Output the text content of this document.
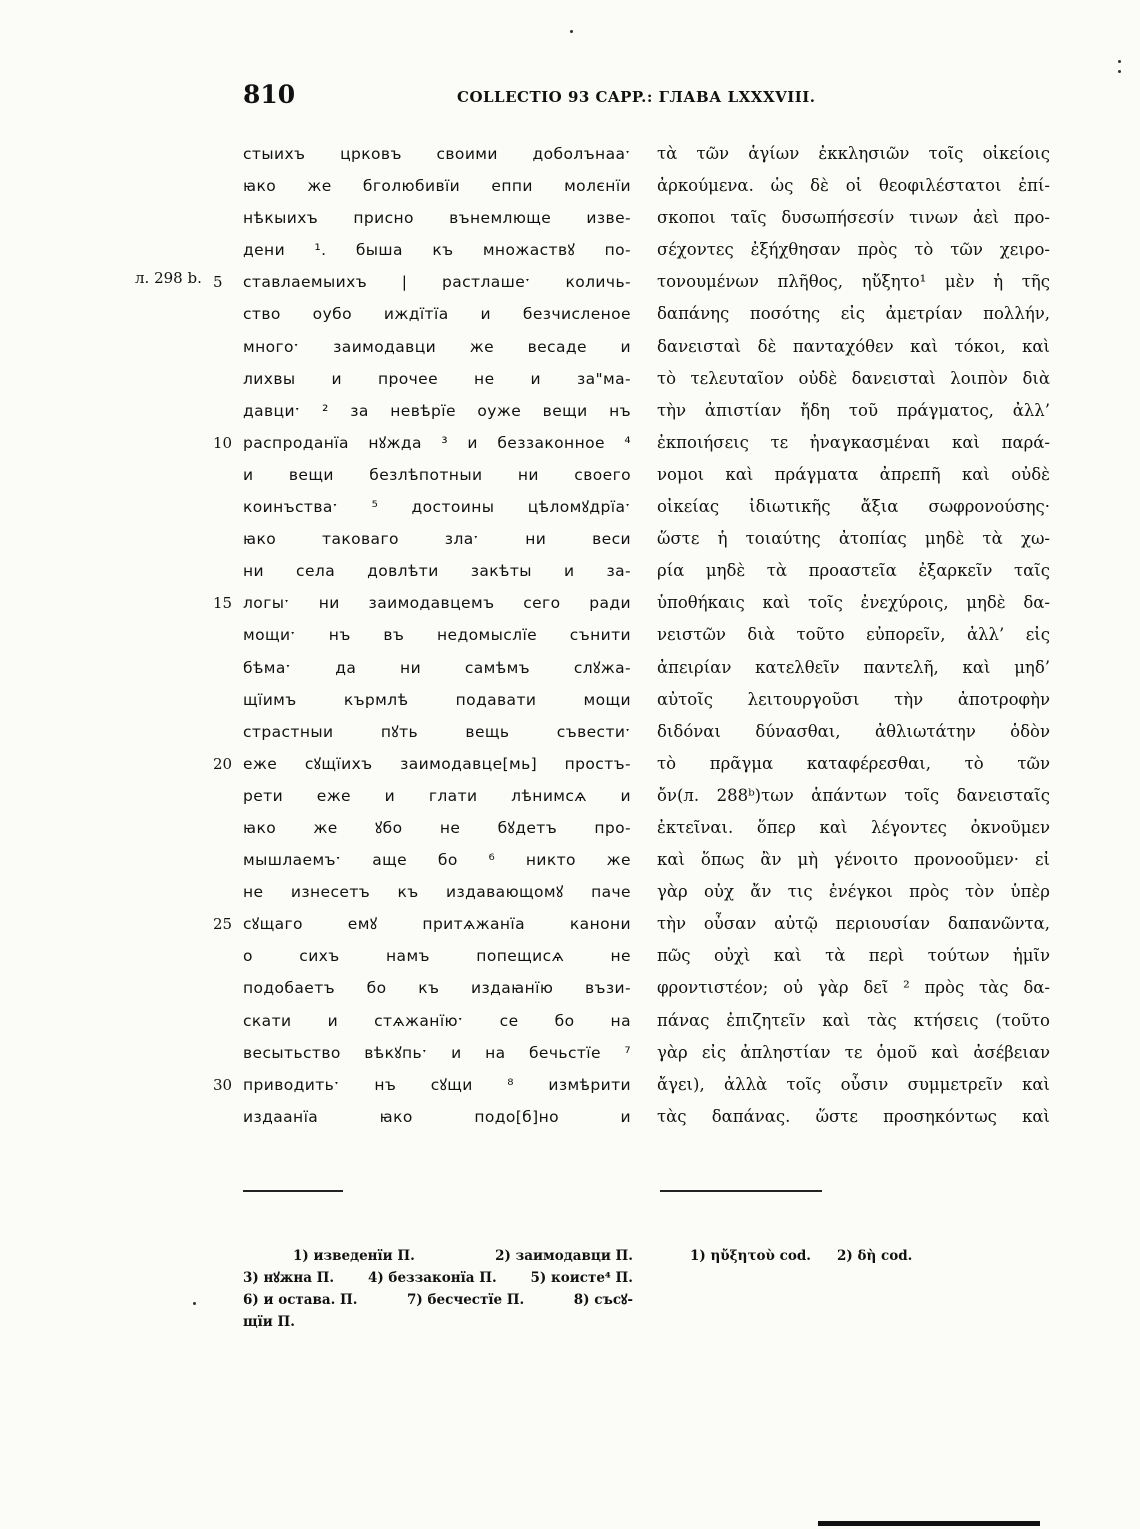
810	COLLECTIO 93 CAPP.: ГЛАВА LXXXVIII.
л. 298 b.
стыихъ црковъ своими доболънааˑ
ꙗко же бголюбивїи еппи молєнїи
нѣкыихъ присно вънемлюще изве-
дени ¹. быша къ множаствꙋ по-
5	ставлаемыихъ | растлашеˑ количь-
ство оубо иждїтїа и безчисленое
многоˑ заимодавци же весаде и
лихвы и прочее не и за"ма-
давциˑ ² за невѣрїе оуже вещи нъ
10 распроданїа нꙋжда ³ и беззаконное ⁴
и вещи безлѣпотныи ни своего
коинъстваˑ ⁵ достоины цѣломꙋдрїаˑ
ꙗко таковаго злаˑ ни веси
ни села довлѣти закѣты и за-
15 логыˑ ни заимодавцемъ сего ради
мощиˑ нъ въ недомыслїе сънити
бѣмаˑ да ни самѣмъ слꙋжа-
щїимъ кърмлѣ подавати мощи
страстныи пꙋть вещь съвестиˑ
20 еже сꙋщїихъ заимодавце[мь] простъ-
рети еже и глати лѣнимсѧ и
ꙗко же ꙋбо не бꙋдетъ про-
мышлаемъˑ аще бо ⁶ никто же
не изнесетъ къ издавающомꙋ паче
25 сꙋщаго емꙋ притѧжанїа канони
о сихъ намъ попещисѧ не
подобаетъ бо къ издаꙗнїю възи-
скати и стѧжанїюˑ се бо на
весытьство вѣкꙋпьˑ и на бечьстїе ⁷
30 приводитьˑ нъ сꙋщи ⁸ измѣрити
издаанїа ꙗко подо[б]но и
τὰ τῶν ἁγίων ἐκκλησιῶν τοῖς οἰκείοις
ἀρκούμενα. ὡς δὲ οἱ θεοφιλέστατοι ἐπί-
σκοποι ταῖς δυσωπήσεσίν τινων ἀεὶ προ-
σέχοντες ἐξήχθησαν πρὸς τὸ τῶν χειρο-
τονουμένων πλῆθος, ηὔξητο¹ μὲν ἡ τῆς
δαπάνης ποσότης εἰς ἀμετρίαν πολλήν,
δανεισταὶ δὲ πανταχόθεν καὶ τόκοι, καὶ
τὸ τελευταῖον οὐδὲ δανεισταὶ λοιπὸν διὰ
τὴν ἀπιστίαν ἤδη τοῦ πράγματος, ἀλλ’
ἐκποιήσεις τε ἠναγκασμέναι καὶ παρά-
νομοι καὶ πράγματα ἀπρεπῆ καὶ οὐδὲ
οἰκείας ἰδιωτικῆς ἄξια σωφρονούσης·
ὥστε ἡ τοιαύτης ἀτοπίας μηδὲ τὰ χω-
ρία μηδὲ τὰ προαστεῖα ἐξαρκεῖν ταῖς
ὑποθήκαις καὶ τοῖς ἐνεχύροις, μηδὲ δα-
νειστῶν διὰ τοῦτο εὐπορεῖν, ἀλλ’ εἰς
ἀπειρίαν κατελθεῖν παντελῆ, καὶ μηδ’
αὐτοῖς λειτουργοῦσι τὴν ἀποτροφὴν
διδόναι δύνασθαι, ἀθλιωτάτην ὁδὸν
τὸ πρᾶγμα καταφέρεσθαι, τὸ τῶν
ὄν(л. 288ᵇ)των ἁπάντων τοῖς δανεισταῖς
ἐκτεῖναι. ὅπερ καὶ λέγοντες ὀκνοῦμεν
καὶ ὅπως ἂν μὴ γένοιτο προνοοῦμεν· εἰ
γὰρ οὐχ ἄν τις ἐνέγκοι πρὸς τὸν ὑπὲρ
τὴν οὖσαν αὐτῷ περιουσίαν δαπανῶντα,
πῶς οὐχὶ καὶ τὰ περὶ τούτων ἡμῖν
φροντιστέον; οὐ γὰρ δεῖ ² πρὸς τὰς δα-
πάνας ἐπιζητεῖν καὶ τὰς κτήσεις (τοῦτο
γὰρ εἰς ἀπληστίαν τε ὁμοῦ καὶ ἀσέβειαν
ἄγει), ἀλλὰ τοῖς οὖσιν συμμετρεῖν καὶ
τὰς δαπάνας. ὥστε προσηκόντως καὶ
1) изведенїи П.	2) заимодавци П.
3) нꙋжна П.	4) беззаконїа П.	5) коисте⁴ П.
6) и остава. П.	7) бесчестїе П.	8) съсꙋ-
щїи П.
1) ηὔξητοὺ cod. 2) δὴ cod.
